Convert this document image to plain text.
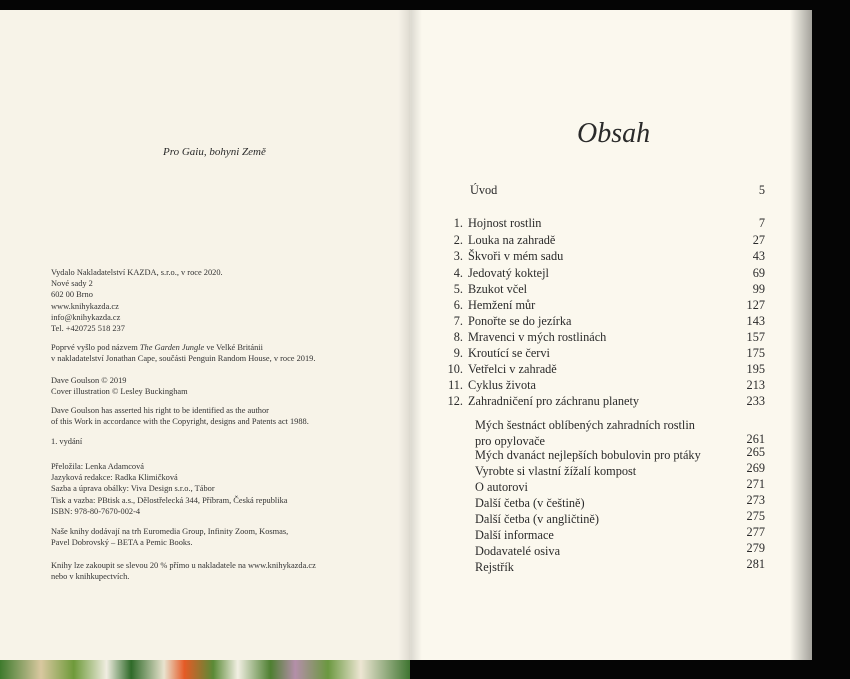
Pro Gaiu, bohyni Země
Vydalo Nakladatelství KAZDA, s.r.o., v roce 2020.
Nové sady 2
602 00 Brno
www.knihykazda.cz
info@knihykazda.cz
Tel. +420725 518 237
Poprvé vyšlo pod názvem The Garden Jungle ve Velké Británii
v nakladatelství Jonathan Cape, součásti Penguin Random House, v roce 2019.
Dave Goulson © 2019
Cover illustration © Lesley Buckingham
Dave Goulson has asserted his right to be identified as the author
of this Work in accordance with the Copyright, designs and Patents act 1988.
1. vydání
Přeložila: Lenka Adamcová
Jazyková redakce: Radka Klimičková
Sazba a úprava obálky: Viva Design s.r.o., Tábor
Tisk a vazba: PBtisk a.s., Dělostřelecká 344, Příbram, Česká republika
ISBN: 978-80-7670-002-4
Naše knihy dodávají na trh Euromedia Group, Infinity Zoom, Kosmas,
Pavel Dobrovský – BETA a Pemic Books.
Knihy lze zakoupit se slevou 20 % přímo u nakladatele na www.knihykazda.cz
nebo v knihkupectvích.
Obsah
Úvod	5
1. Hojnost rostlin	7
2. Louka na zahradě	27
3. Škvoři v mém sadu	43
4. Jedovatý koktejl	69
5. Bzukot včel	99
6. Hemžení můr	127
7. Ponořte se do jezírka	143
8. Mravenci v mých rostlinách	157
9. Kroutící se červi	175
10. Vetřelci v zahradě	195
11. Cyklus života	213
12. Zahradničení pro záchranu planety	233
Mých šestnáct oblíbených zahradních rostlin
pro opylovače	261
Mých dvanáct nejlepších bobulovin pro ptáky	265
Vyrobte si vlastní žížalí kompost	269
O autorovi	271
Další četba (v češtině)	273
Další četba (v angličtině)	275
Další informace	277
Dodavatelé osiva	279
Rejstřík	281
